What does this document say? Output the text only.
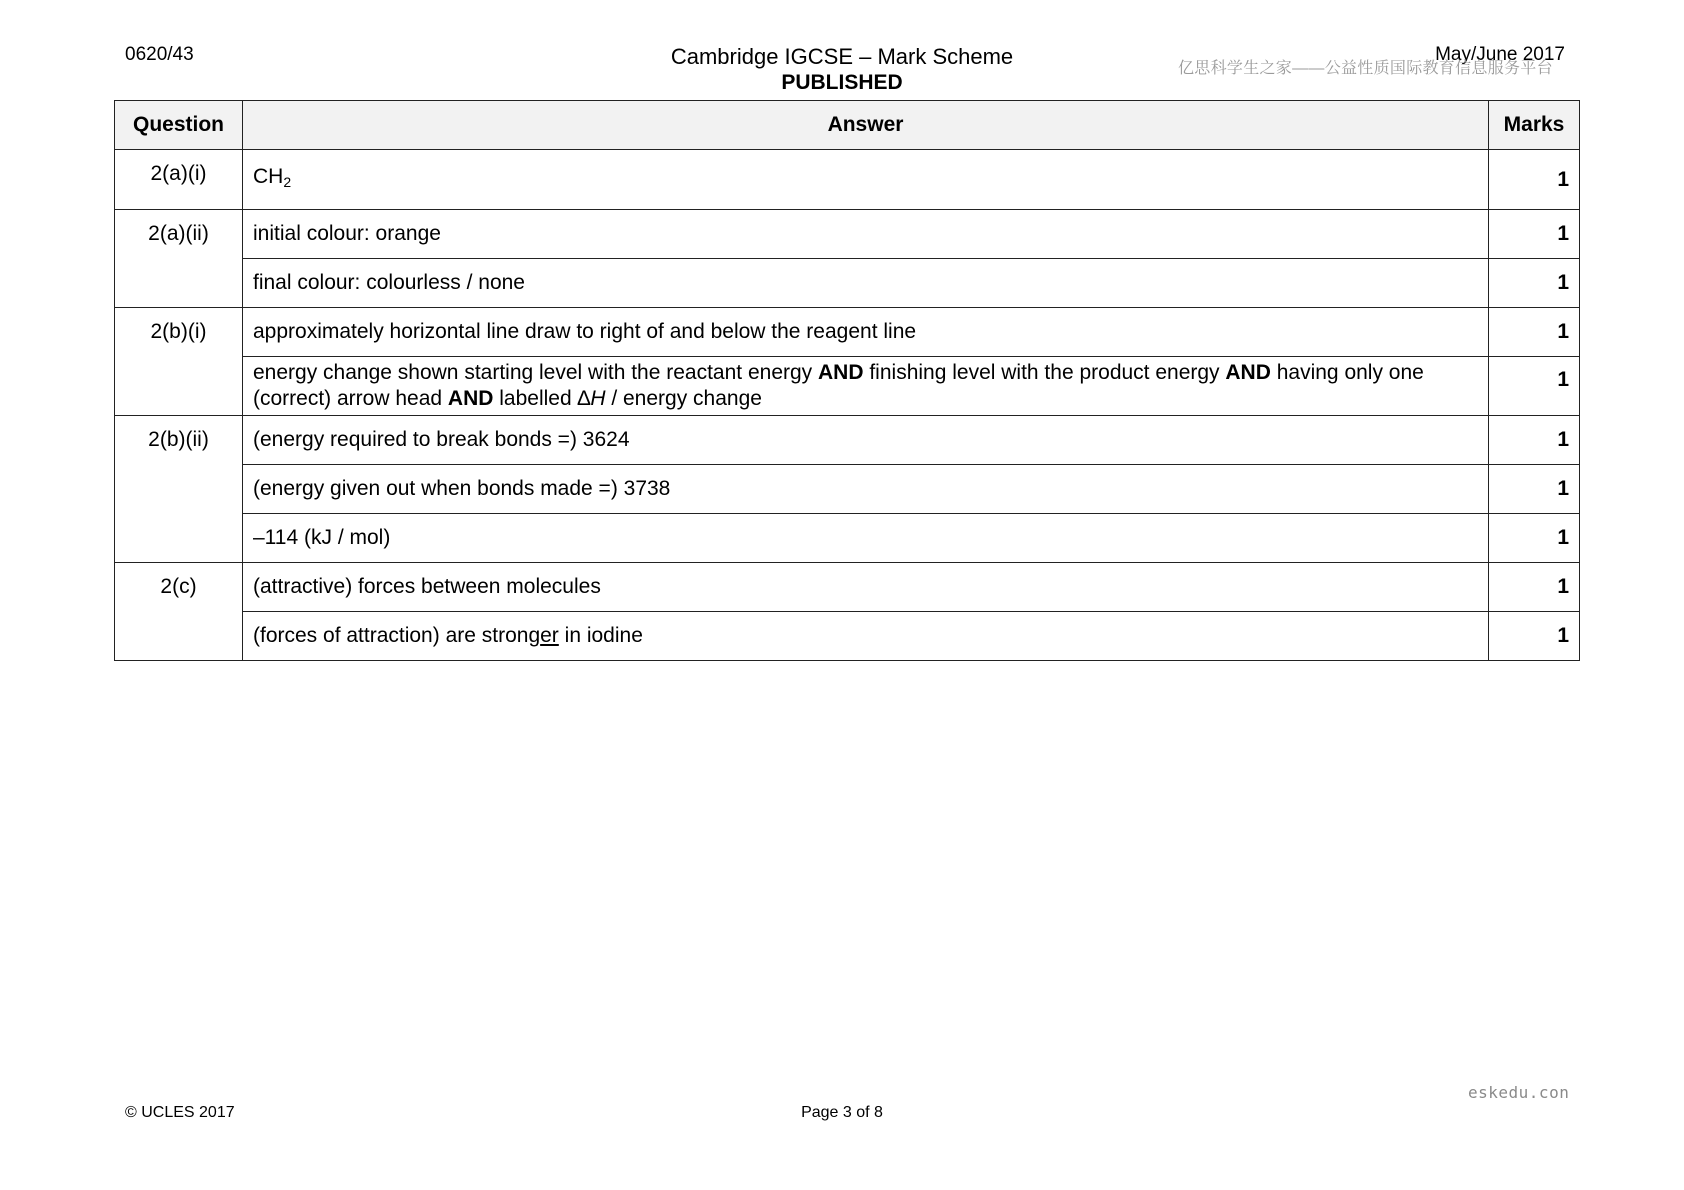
0620/43	Cambridge IGCSE – Mark Scheme
PUBLISHED
May/June 2017
亿思科学生之家——公益性质国际教育信息服务平台
Question	Answer	Marks
2(a)(i)	$CH_2$	1
2(a)(ii)	initial colour: orange	1
	final colour: colourless / none	1
2(b)(i)	approximately horizontal line draw to right of and below the reagent line	1
	energy change shown starting level with the reactant energy AND finishing level with the product energy AND having only one (correct) arrow head AND labelled ∆H / energy change	1
2(b)(ii)	(energy required to break bonds =) 3624	1
	(energy given out when bonds made =) 3738	1
	–114 (kJ / mol)	1
2(c)	(attractive) forces between molecules	1
	(forces of attraction) are stronger in iodine	1
eskedu.con
© UCLES 2017	Page 3 of 8
